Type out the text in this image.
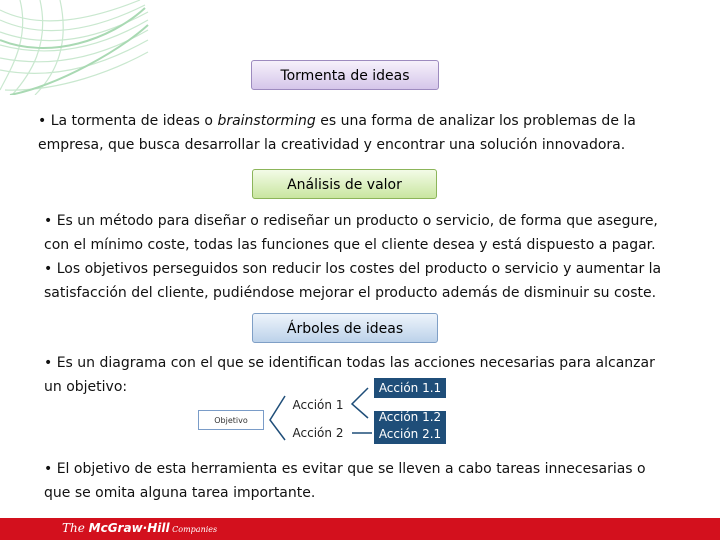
Tormenta de ideas

• La tormenta de ideas o brainstorming es una forma de analizar los problemas de la
empresa, que busca desarrollar la creatividad y encontrar una solución innovadora.

Análisis de valor

• Es un método para diseñar o rediseñar un producto o servicio, de forma que asegure,
con el mínimo coste, todas las funciones que el cliente desea y está dispuesto a pagar.
• Los objetivos perseguidos son reducir los costes del producto o servicio y aumentar la
satisfacción del cliente, pudiéndose mejorar el producto además de disminuir su coste.

Árboles de ideas

• Es un diagrama con el que se identifican todas las acciones necesarias para alcanzar
un objetivo:

Objetivo
Acción 1
Acción 2
Acción 1.1
Acción 1.2
Acción 2.1

• El objetivo de esta herramienta es evitar que se lleven a cabo tareas innecesarias o
que se omita alguna tarea importante.

The McGraw·Hill Companies
